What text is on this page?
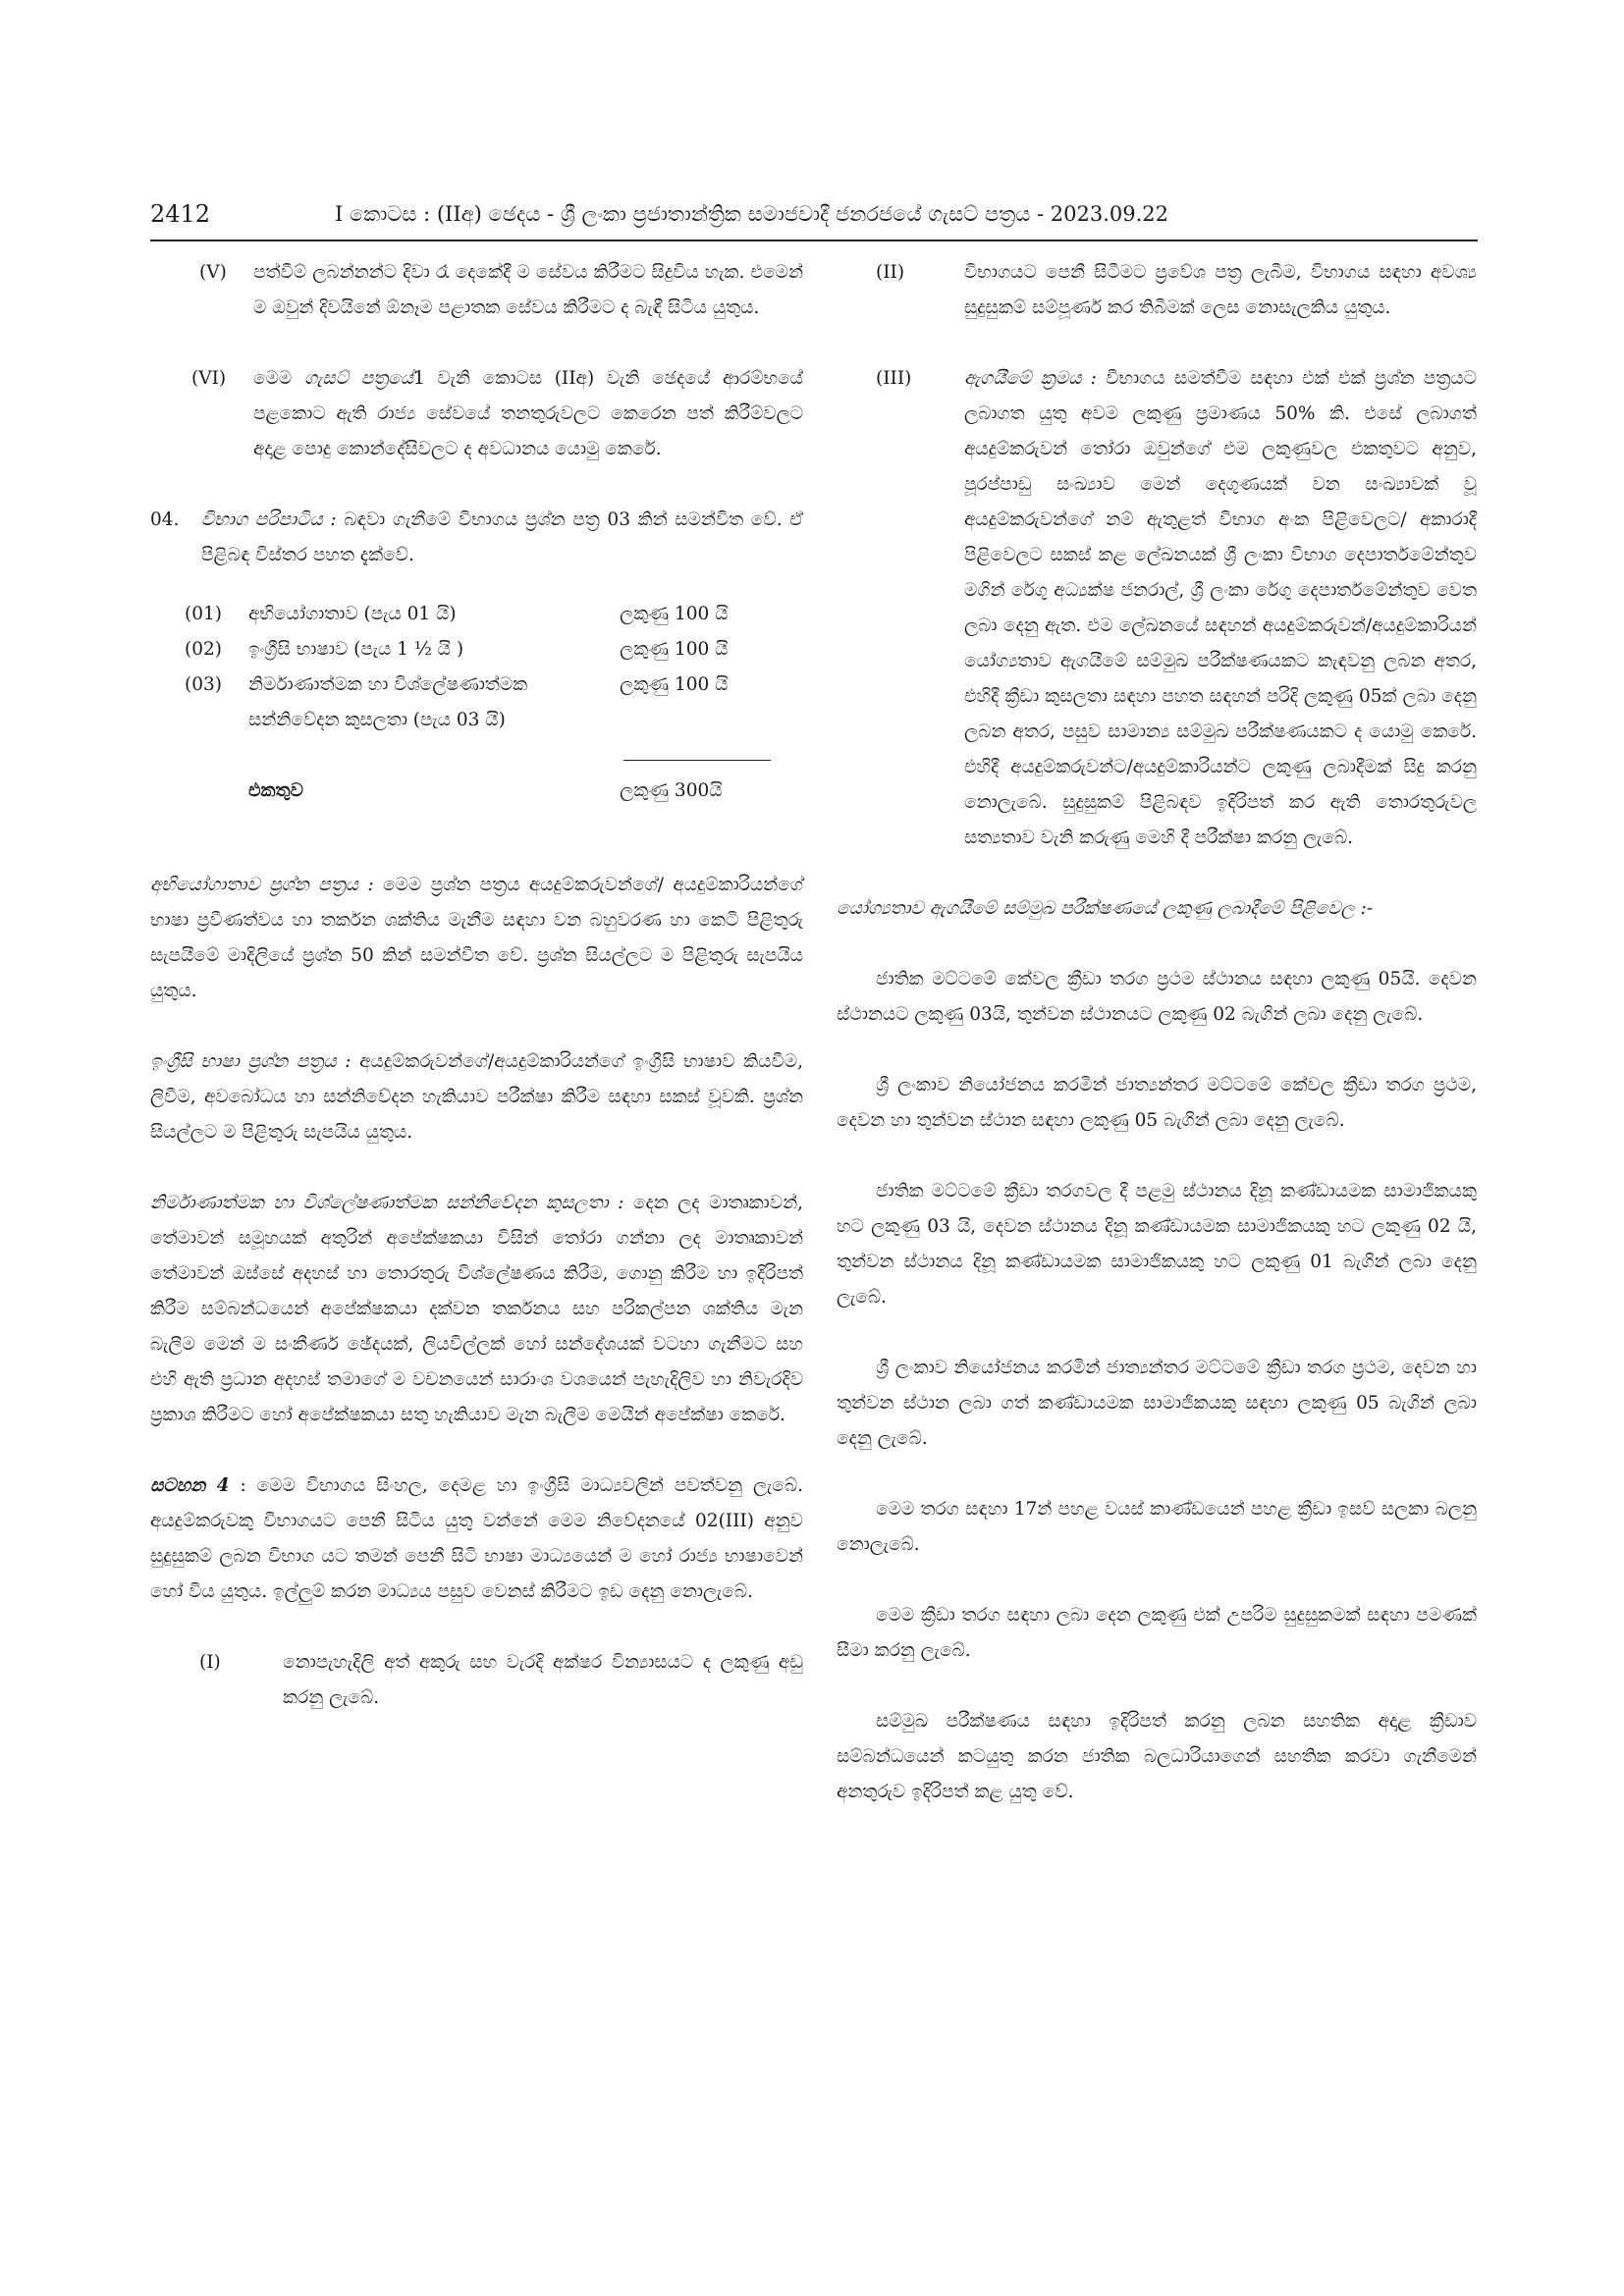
2412	I කොටස : (IIඅ) ඡෙදය - ශ්‍රී ලංකා ප්‍රජාතාන්ත්‍රික සමාජවාදී ජනරජයේ ගැසට් පත්‍රය - 2023.09.22
(V)	පත්වීම් ලබන්නන්ට දිවා රෑ දෙකේදී ම සේවය කිරීමට සිදුවිය හැක. එමෙන් ම ඔවුන් දිවයිනේ ඕනෑම පළාතක සේවය කිරීමට ද බැඳී සිටිය යුතුය.
(VI)	මෙම ගැසට් පත්‍රයේ1 වැනි කොටස (IIඅ) වැනි ඡෙදයේ ආරම්භයේ පළකොට ඇති රාජ්‍ය සේවයේ තනතුරුවලට කෙරෙන පත් කිරීම්වලට අදාළ පොදු කොන්දේසිවලට ද අවධානය යොමු කෙරේ.
04.	විභාග පරිපාටිය : බඳවා ගැනීමේ විභාගය ප්‍රශ්න පත්‍ර 03 කින් සමන්විත වේ. ඒ පිළිබඳ විස්තර පහත දැක්වේ.
(01)	අභියෝගාතාව (පැය 01 යි)	ලකුණු 100 යි
(02)	ඉංග්‍රීසි භාෂාව (පැය 1 ½ යි )	ලකුණු 100 යි
(03)	නිර්මාණාත්මක හා විශ්ලේෂණාත්මක සන්නිවේදන කුසලතා (පැය 03 යි)	ලකුණු 100 යි

	එකතුව	ලකුණු 300යි

අභියෝගාතාව ප්‍රශ්න පත්‍රය : මෙම ප්‍රශ්න පත්‍රය අයදුම්කරුවන්ගේ/ අයදුම්කාරියන්ගේ භාෂා ප්‍රවීණත්වය හා තර්කන ශක්තිය මැනීම සඳහා වන බහුවරණ හා කෙටි පිළිතුරු සැපයීමේ මාදිලියේ ප්‍රශ්න 50 කින් සමන්විත වේ. ප්‍රශ්න සියල්ලට ම පිළිතුරු සැපයිය යුතුය.

ඉංග්‍රීසි භාෂා ප්‍රශ්න පත්‍රය : අයදුම්කරුවන්ගේ/අයදුම්කාරියන්ගේ ඉංග්‍රීසි භාෂාව කියවීම, ලිවීම, අවබෝධය හා සන්නිවේදන හැකියාව පරීක්ෂා කිරීම සඳහා සකස් වූවකි. ප්‍රශ්න සියල්ලට ම පිළිතුරු සැපයිය යුතුය.

නිර්මාණාත්මක හා විශ්ලේෂණාත්මක සන්නිවේදන කුසලතා : දෙන ලද මාතෘකාවන්, තේමාවන් සමූහයක් අතුරින් අපේක්ෂකයා විසින් තෝරා ගන්නා ලද මාතෘකාවන් තේමාවන් ඔස්සේ අදහස් හා තොරතුරු විශ්ලේෂණය කිරීම, ගොනු කිරීම හා ඉදිරිපත් කිරීම සම්බන්ධයෙන් අපේක්ෂකයා දක්වන තර්කනය සහ පරිකල්පන ශක්තිය මැන බැලීම මෙන් ම සංකීර්ණ ඡේදයක්, ලියවිල්ලක් හෝ සන්දේශයක් වටහා ගැනීමට සහ එහි ඇති ප්‍රධාන අදහස් තමාගේ ම වචනයෙන් සාරාංශ වශයෙන් පැහැදිලිව හා නිවැරදිව ප්‍රකාශ කිරීමට හෝ අපේක්ෂකයා සතු හැකියාව මැන බැලීම මෙයින් අපේක්ෂා කෙරේ.

සටහන 4 : මෙම විභාගය සිංහල, දෙමළ හා ඉංග්‍රීසි මාධ්‍යවලින් පවත්වනු ලැබේ. අයදුම්කරුවකු විභාගයට පෙනී සිටිය යුතු වන්නේ මෙම නිවේදනයේ 02(III) අනුව සුදුසුකම් ලබන විභාග යට තමන් පෙනී සිටි භාෂා මාධ්‍යයෙන් ම හෝ රාජ්‍ය භාෂාවෙන් හෝ විය යුතුය. ඉල්ලුම් කරන මාධ්‍යය පසුව වෙනස් කිරීමට ඉඩ දෙනු නොලැබේ.

(I)	නොපැහැදිලි අත් අකුරු සහ වැරදි අක්ෂර වින්‍යාසයට ද ලකුණු අඩු කරනු ලැබේ.
(II)	විභාගයට පෙනී සිටීමට ප්‍රවේශ පත්‍ර ලැබීම, විභාගය සඳහා අවශ්‍ය සුදුසුකම් සම්පූර්ණ කර තිබීමක් ලෙස නොසැලකිය යුතුය.
(III)	ඇගයීමේ ක්‍රමය : විභාගය සමත්වීම සඳහා එක් එක් ප්‍රශ්න පත්‍රයට ලබාගත යුතු අවම ලකුණු ප්‍රමාණය 50% කි. එසේ ලබාගත් අයදුම්කරුවන් තෝරා ඔවුන්ගේ එම ලකුණුවල එකතුවට අනුව, පූරප්පාඩු සංඛ්‍යාව මෙන් දෙගුණයක් වන සංඛ්‍යාවක් වූ අයදුම්කරුවන්ගේ නම් ඇතුළත් විභාග අංක පිළිවෙලට/ අකාරාදී පිළිවෙලට සකස් කළ ලේඛනයක් ශ්‍රී ලංකා විභාග දෙපාර්තමේන්තුව මගින් රේගු අධ්‍යක්ෂ ජනරාල්, ශ්‍රී ලංකා රේගු දෙපාර්තමේන්තුව වෙත ලබා දෙනු ඇත. එම ලේඛනයේ සඳහන් අයදුම්කරුවන්/අයදුම්කාරියන් යෝග්‍යතාව ඇගයීමේ සම්මුඛ පරීක්ෂණයකට කැඳවනු ලබන අතර, එහිදී ක්‍රීඩා කුසලතා සඳහා පහත සඳහන් පරිදි ලකුණු 05ක් ලබා දෙනු ලබන අතර, පසුව සාමාන්‍ය සම්මුඛ පරීක්ෂණයකට ද යොමු කෙරේ. එහිදී අයදුම්කරුවන්ට/අයදුම්කාරියන්ට ලකුණු ලබාදීමක් සිදු කරනු නොලැබේ. සුදුසුකම් පිළිබඳව ඉදිරිපත් කර ඇති තොරතුරුවල සත්‍යතාව වැනි කරුණු මෙහි දී පරීක්ෂා කරනු ලැබේ.

යෝග්‍යතාව ඇගයීමේ සම්මුඛ පරීක්ෂණයේ ලකුණු ලබාදීමේ පිළිවෙල :-

ජාතික මට්ටමේ කේවල ක්‍රීඩා තරග ප්‍රථම ස්ථානය සඳහා ලකුණු 05යි. දෙවන ස්ථානයට ලකුණු 03යි, තුන්වන ස්ථානයට ලකුණු 02 බැගින් ලබා දෙනු ලැබේ.

ශ්‍රී ලංකාව නියෝජනය කරමින් ජාත්‍යන්තර මට්ටමේ කේවල ක්‍රීඩා තරග ප්‍රථම, දෙවන හා තුන්වන ස්ථාන සඳහා ලකුණු 05 බැගින් ලබා දෙනු ලැබේ.

ජාතික මට්ටමේ ක්‍රීඩා තරගවල දී පළමු ස්ථානය දිනූ කණ්ඩායමක සාමාජිකයකු හට ලකුණු 03 යි, දෙවන ස්ථානය දිනූ කණ්ඩායමක සාමාජිකයකු හට ලකුණු 02 යි, තුන්වන ස්ථානය දිනූ කණ්ඩායමක සාමාජිකයකු හට ලකුණු 01 බැගින් ලබා දෙනු ලැබේ.

ශ්‍රී ලංකාව නියෝජනය කරමින් ජාත්‍යන්තර මට්ටමේ ක්‍රීඩා තරග ප්‍රථම, දෙවන හා තුන්වන ස්ථාන ලබා ගත් කණ්ඩායමක සාමාජිකයකු සඳහා ලකුණු 05 බැගින් ලබා දෙනු ලැබේ.

මෙම තරග සඳහා 17න් පහළ වයස් කාණ්ඩයෙන් පහළ ක්‍රීඩා ඉසව් සලකා බලනු නොලැබේ.

මෙම ක්‍රීඩා තරග සඳහා ලබා දෙන ලකුණු එක් උපරිම සුදුසුකමක් සඳහා පමණක් සීමා කරනු ලැබේ.

සම්මුඛ පරීක්ෂණය සඳහා ඉදිරිපත් කරනු ලබන සහතික අදාළ ක්‍රීඩාව සම්බන්ධයෙන් කටයුතු කරන ජාතික බලධාරියාගෙන් සහතික කරවා ගැනීමෙන් අනතුරුව ඉදිරිපත් කළ යුතු වේ.
